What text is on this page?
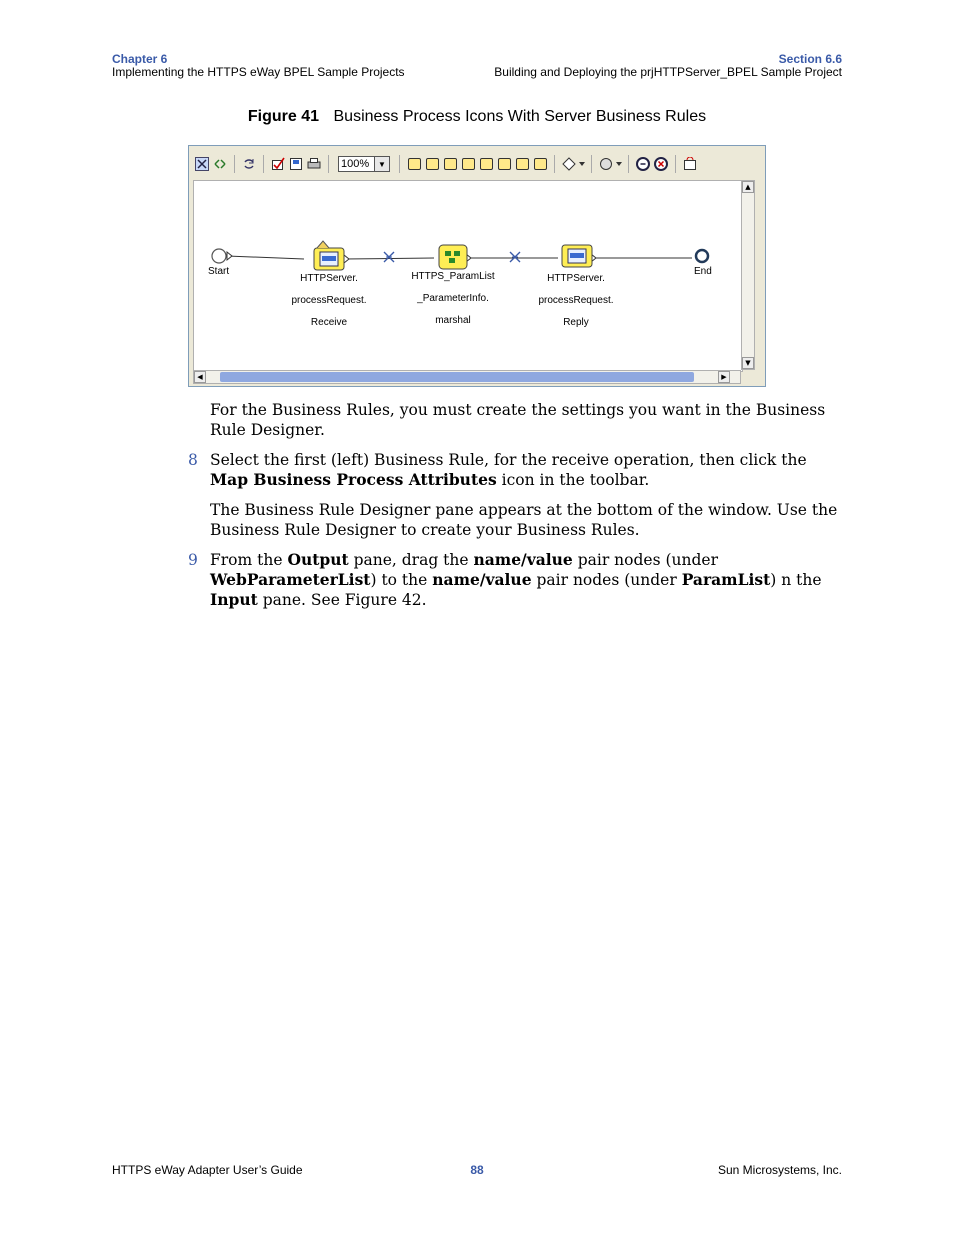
Chapter 6
Implementing the HTTPS eWay BPEL Sample Projects
Section 6.6
Building and Deploying the prjHTTPServer_BPEL Sample Project
Figure 41 Business Process Icons With Server Business Rules
100%	▼
Start	End
HTTPServer.
processRequest.
Receive
HTTPS_ParamList
_ParameterInfo.
marshal
HTTPServer.
processRequest.
Reply
▲
▼
◀	▶
For the Business Rules, you must create the settings you want in the Business Rule Designer.
8 Select the first (left) Business Rule, for the receive operation, then click the Map Business Process Attributes icon in the toolbar.
The Business Rule Designer pane appears at the bottom of the window. Use the Business Rule Designer to create your Business Rules.
9 From the Output pane, drag the name/value pair nodes (under WebParameterList) to the name/value pair nodes (under ParamList) n the Input pane. See Figure 42.
HTTPS eWay Adapter User’s Guide	88	Sun Microsystems, Inc.
